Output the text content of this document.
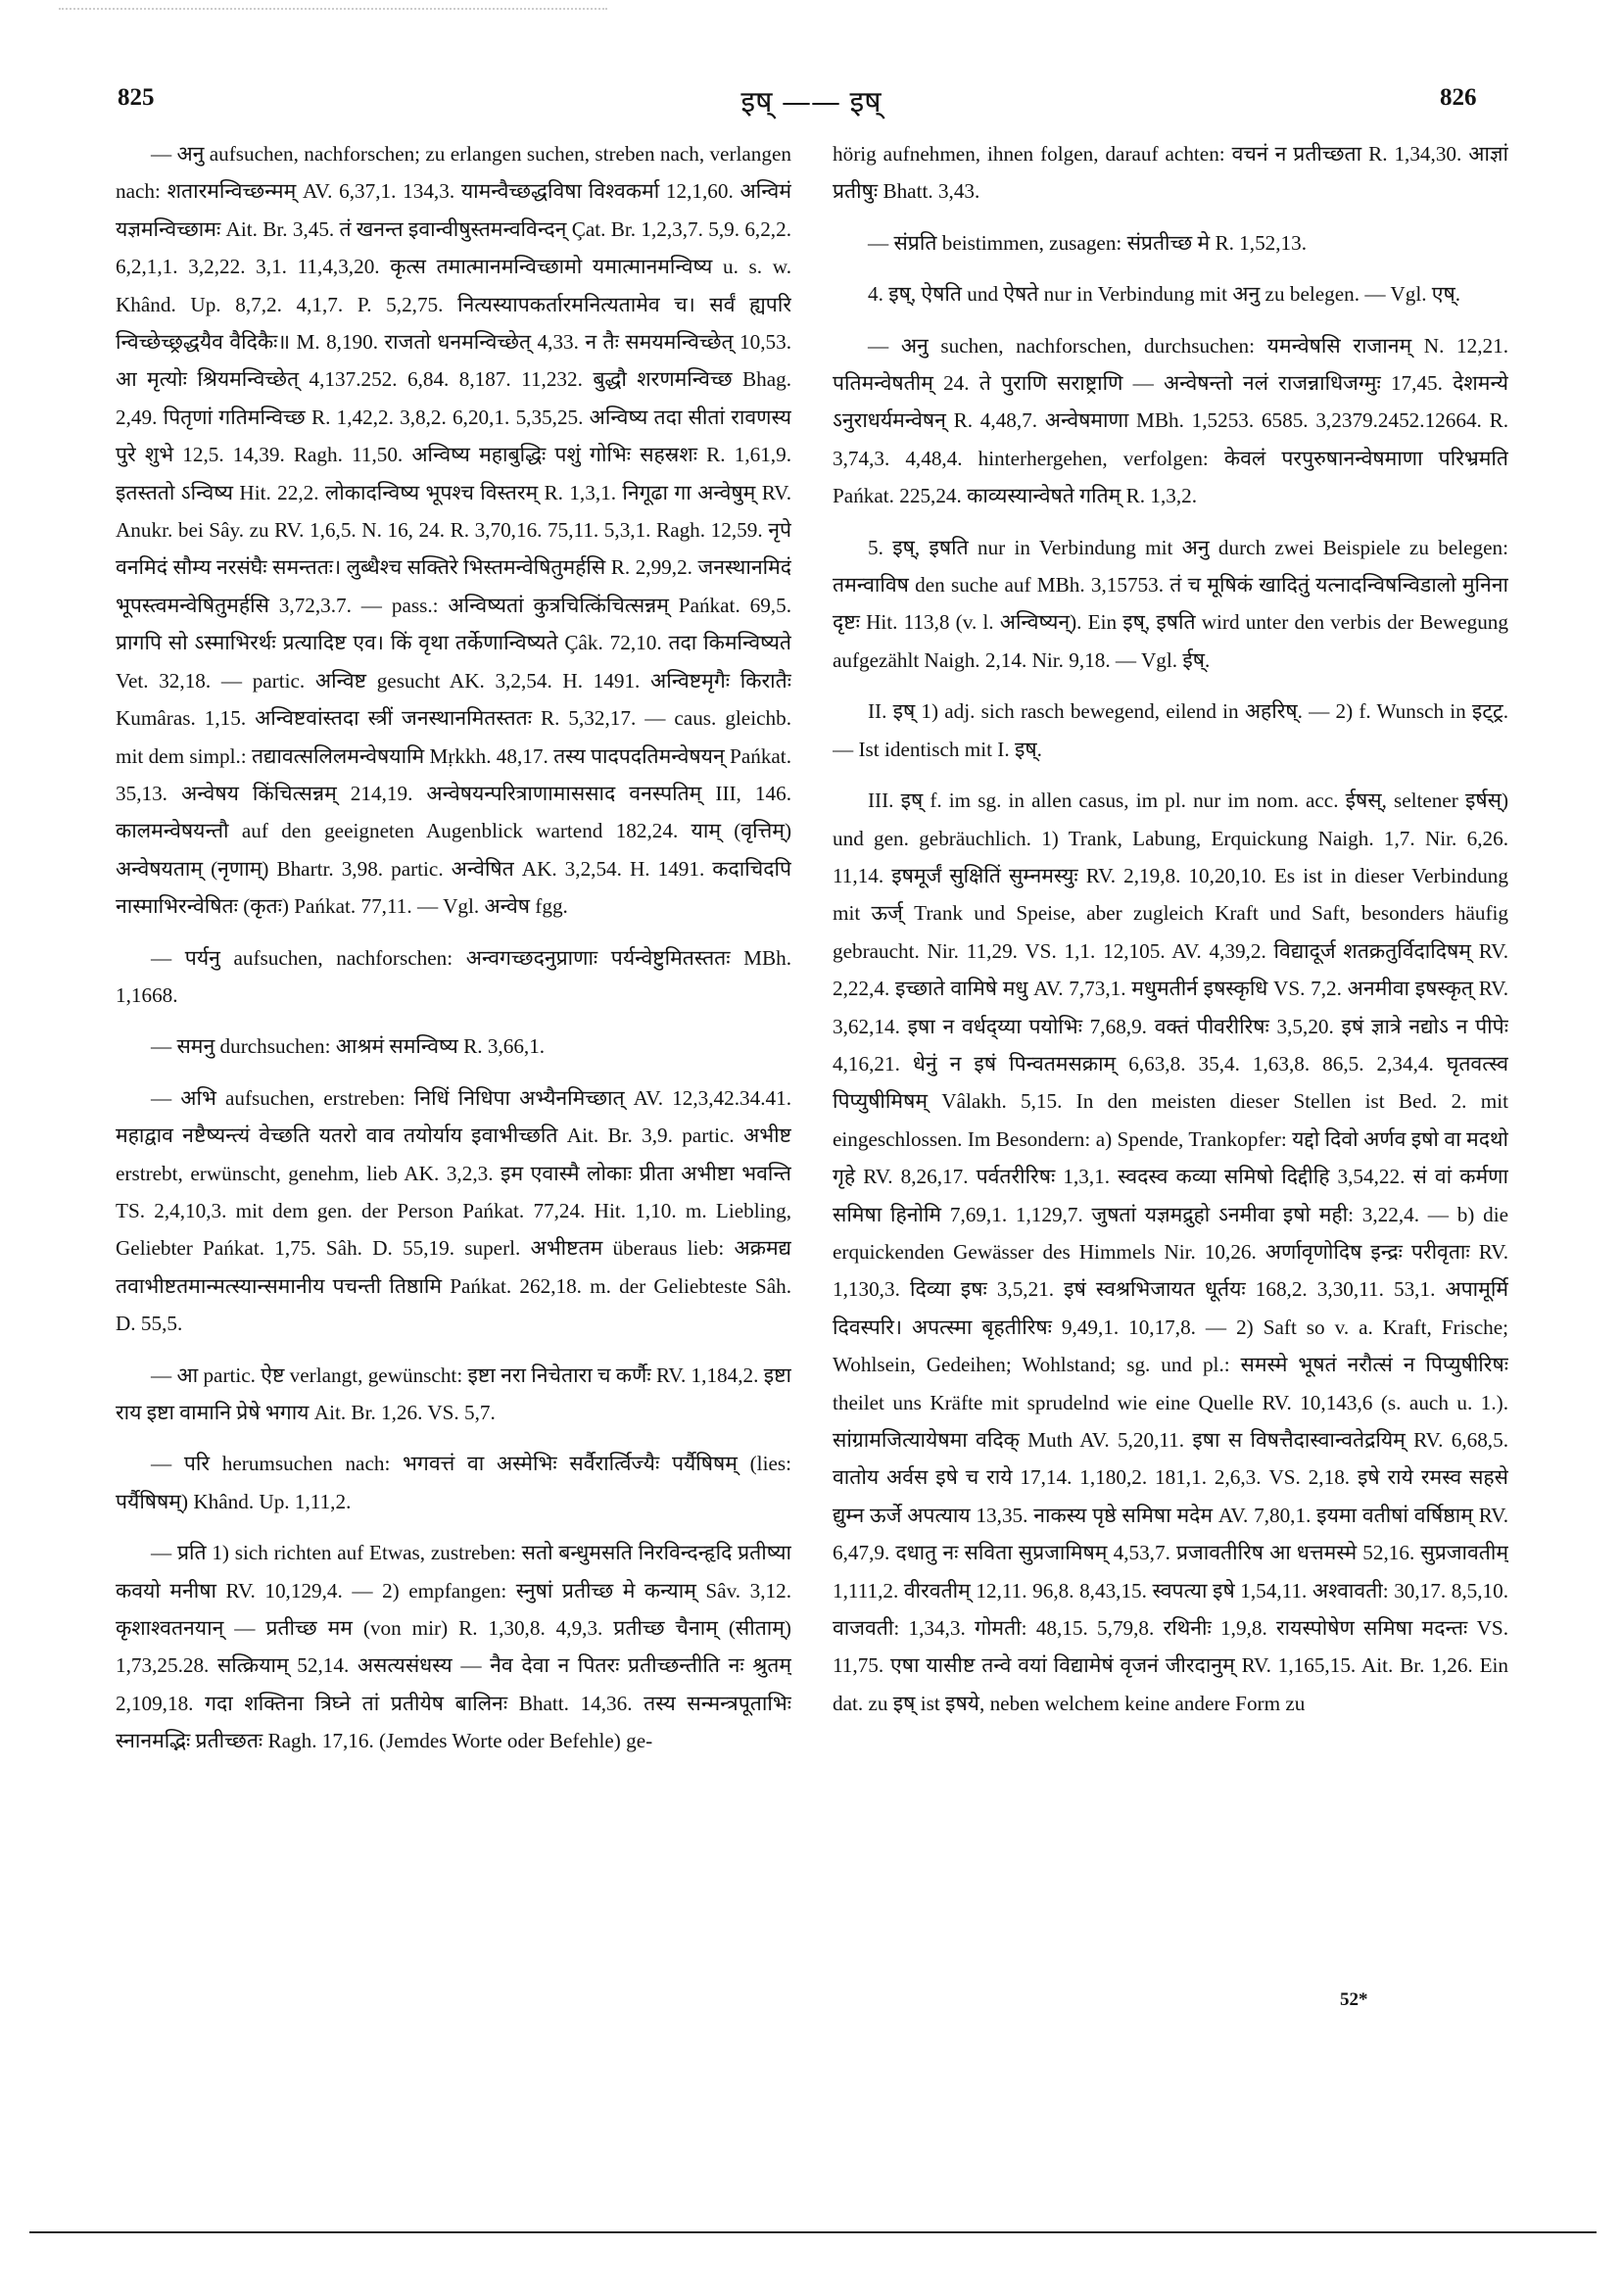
825	इष् —— इष्	826

— अनु aufsuchen, nachforschen; zu erlangen suchen, streben nach, verlangen nach: शतारमन्विच्छन्मम् AV. 6,37,1. 134,3. यामन्वैच्छद्धविषा विश्वकर्मा 12,1,60. अन्विमं यज्ञमन्विच्छामः Ait. Br. 3,45. तं खनन्त इवान्वीषुस्तमन्वविन्दन् Çat. Br. 1,2,3,7. 5,9. 6,2,2. 6,2,1,1. 3,2,22. 3,1. 11,4,3,20. कृत्स तमात्मानमन्विच्छामो यमात्मानमन्विष्य u. s. w. Khând. Up. 8,7,2. 4,1,7. P. 5,2,75. नित्यस्यापकर्तारमनित्यतामेव च। सर्वं ह्यपरि न्विच्छेच्छ्रद्धयैव वैदिकैः॥ M. 8,190. राजतो धनमन्विच्छेत् 4,33. न तैः समयमन्विच्छेत् 10,53. आ मृत्योः श्रियमन्विच्छेत् 4,137.252. 6,84. 8,187. 11,232. बुद्धौ शरणमन्विच्छ Bhag. 2,49. पितृणां गतिमन्विच्छ R. 1,42,2. 3,8,2. 6,20,1. 5,35,25. अन्विष्य तदा सीतां रावणस्य पुरे शुभे 12,5. 14,39. Ragh. 11,50. अन्विष्य महाबुद्धिः पशुं गोभिः सहस्रशः R. 1,61,9. इतस्ततो ऽन्विष्य Hit. 22,2. लोकादन्विष्य भूपश्च विस्तरम् R. 1,3,1. निगूढा गा अन्वेषुम् RV. Anukr. bei Sây. zu RV. 1,6,5. N. 16, 24. R. 3,70,16. 75,11. 5,3,1. Ragh. 12,59. नृपे वनमिदं सौम्य नरसंघैः समन्ततः। लुब्धैश्च सक्तिरे भिस्तमन्वेषितुमर्हसि R. 2,99,2. जनस्थानमिदं भूपस्त्वमन्वेषितुमर्हसि 3,72,3.7. — pass.: अन्विष्यतां कुत्रचित्किंचित्सन्नम् Pańkat. 69,5. प्रागपि सो ऽस्माभिरर्थः प्रत्यादिष्ट एव। किं वृथा तर्केणान्विष्यते Çâk. 72,10. तदा किमन्विष्यते Vet. 32,18. — partic. अन्विष्ट gesucht AK. 3,2,54. H. 1491. अन्विष्टमृगैः किरातैः Kumâras. 1,15. अन्विष्टवांस्तदा स्त्रीं जनस्थानमितस्ततः R. 5,32,17. — caus. gleichb. mit dem simpl.: तद्यावत्सलिलमन्वेषयामि Mṛkkh. 48,17. तस्य पादपदतिमन्वेषयन् Pańkat. 35,13. अन्वेषय किंचित्सन्नम् 214,19. अन्वेषयन्परित्राणामाससाद वनस्पतिम् III, 146. कालमन्वेषयन्तौ auf den geeigneten Augenblick wartend 182,24. याम् (वृत्तिम्) अन्वेषयताम् (नृणाम्) Bhartr. 3,98. partic. अन्वेषित AK. 3,2,54. H. 1491. कदाचिदपि नास्माभिरन्वेषितः (कृतः) Pańkat. 77,11. — Vgl. अन्वेष fgg.

— पर्यनु aufsuchen, nachforschen: अन्वगच्छदनुप्राणाः पर्यन्वेष्टुमितस्ततः MBh. 1,1668.

— समनु durchsuchen: आश्रमं समन्विष्य R. 3,66,1.

— अभि aufsuchen, erstreben: निधिं निधिपा अभ्यैनमिच्छात् AV. 12,3,42.34.41. महाद्वाव नष्टैष्यन्त्यं वेच्छति यतरो वाव तयोर्याय इवाभीच्छति Ait. Br. 3,9. partic. अभीष्ट erstrebt, erwünscht, genehm, lieb AK. 3,2,3. इम एवास्मै लोकाः प्रीता अभीष्टा भवन्ति TS. 2,4,10,3. mit dem gen. der Person Pańkat. 77,24. Hit. 1,10. m. Liebling, Geliebter Pańkat. 1,75. Sâh. D. 55,19. superl. अभीष्टतम überaus lieb: अक्रमद्य तवाभीष्टतमान्मत्स्यान्समानीय पचन्ती तिष्ठामि Pańkat. 262,18. m. der Geliebteste Sâh. D. 55,5.

— आ partic. ऐष्ट verlangt, gewünscht: इष्टा नरा निचेतारा च कर्णैः RV. 1,184,2. इष्टा राय इष्टा वामानि प्रेषे भगाय Ait. Br. 1,26. VS. 5,7.

— परि herumsuchen nach: भगवत्तं वा अस्मेभिः सर्वैरार्त्विज्यैः पर्यैषिषम् (lies: पर्यैषिषम्) Khând. Up. 1,11,2.

— प्रति 1) sich richten auf Etwas, zustreben: सतो बन्धुमसति निरविन्दन्हृदि प्रतीष्या कवयो मनीषा RV. 10,129,4. — 2) empfangen: स्नुषां प्रतीच्छ मे कन्याम् Sâv. 3,12. कृशाश्वतनयान् — प्रतीच्छ मम (von mir) R. 1,30,8. 4,9,3. प्रतीच्छ चैनाम् (सीताम्) 1,73,25.28. सत्क्रियाम् 52,14. असत्यसंधस्य — नैव देवा न पितरः प्रतीच्छन्तीति नः श्रुतम् 2,109,18. गदा शक्तिना त्रिघ्ने तां प्रतीयेष बालिनः Bhatt. 14,36. तस्य सन्मन्त्रपूताभिः स्नानमद्भिः प्रतीच्छतः Ragh. 17,16. (Jemdes Worte oder Befehle) ge-

hörig aufnehmen, ihnen folgen, darauf achten: वचनं न प्रतीच्छता R. 1,34,30. आज्ञां प्रतीषुः Bhatt. 3,43.

— संप्रति beistimmen, zusagen: संप्रतीच्छ मे R. 1,52,13.

4. इष्, ऐषति und ऐषते nur in Verbindung mit अनु zu belegen. — Vgl. एष्.

— अनु suchen, nachforschen, durchsuchen: यमन्वेषसि राजानम् N. 12,21. पतिमन्वेषतीम् 24. ते पुराणि सराष्ट्राणि — अन्वेषन्तो नलं राजन्नाधिजग्मुः 17,45. देशमन्ये ऽनुराधर्यमन्वेषन् R. 4,48,7. अन्वेषमाणा MBh. 1,5253. 6585. 3,2379.2452.12664. R. 3,74,3. 4,48,4. hinterhergehen, verfolgen: केवलं परपुरुषानन्वेषमाणा परिभ्रमति Pańkat. 225,24. काव्यस्यान्वेषते गतिम् R. 1,3,2.

5. इष्, इषति nur in Verbindung mit अनु durch zwei Beispiele zu belegen: तमन्वाविष den suche auf MBh. 3,15753. तं च मूषिकं खादितुं यत्नादन्विषन्विडालो मुनिना दृष्टः Hit. 113,8 (v. l. अन्विष्यन्). Ein इष्, इषति wird unter den verbis der Bewegung aufgezählt Naigh. 2,14. Nir. 9,18. — Vgl. ईष्.

II. इष् 1) adj. sich rasch bewegend, eilend in अहरिष्. — 2) f. Wunsch in इट्ट्र. — Ist identisch mit I. इष्.

III. इष् f. im sg. in allen casus, im pl. nur im nom. acc. ईषस्, seltener इर्षस्) und gen. gebräuchlich. 1) Trank, Labung, Erquickung Naigh. 1,7. Nir. 6,26. 11,14. इषमूर्जं सुक्षितिं सुम्नमस्युः RV. 2,19,8. 10,20,10. Es ist in dieser Verbindung mit ऊर्ज् Trank und Speise, aber zugleich Kraft und Saft, besonders häufig gebraucht. Nir. 11,29. VS. 1,1. 12,105. AV. 4,39,2. विद्यादूर्ज शतक्रतुर्विदादिषम् RV. 2,22,4. इच्छाते वामिषे मधु AV. 7,73,1. मधुमतीर्न इषस्कृधि VS. 7,2. अनमीवा इषस्कृत् RV. 3,62,14. इषा न वर्धद्य्या पयोभिः 7,68,9. वक्तं पीवरीरिषः 3,5,20. इषं ज्ञात्रे नद्योऽ न पीपेः 4,16,21. धेनुं न इषं पिन्वतमसक्राम् 6,63,8. 35,4. 1,63,8. 86,5. 2,34,4. घृतवत्स्व पिप्युषीमिषम् Vâlakh. 5,15. In den meisten dieser Stellen ist Bed. 2. mit eingeschlossen. Im Besondern: a) Spende, Trankopfer: यद्दो दिवो अर्णव इषो वा मदथो गृहे RV. 8,26,17. पर्वतरीरिषः 1,3,1. स्वदस्व कव्या समिषो दिद्दीहि 3,54,22. सं वां कर्मणा समिषा हिनोमि 7,69,1. 1,129,7. जुषतां यज्ञमद्रुहो ऽनमीवा इषो मही: 3,22,4. — b) die erquickenden Gewässer des Himmels Nir. 10,26. अर्णावृणोदिष इन्द्रः परीवृताः RV. 1,130,3. दिव्या इषः 3,5,21. इषं स्वश्रभिजायत धूर्तयः 168,2. 3,30,11. 53,1. अपामूर्मि दिवस्परि। अपत्स्मा बृहतीरिषः 9,49,1. 10,17,8. — 2) Saft so v. a. Kraft, Frische; Wohlsein, Gedeihen; Wohlstand; sg. und pl.: समस्मे भूषतं नरौत्सं न पिप्युषीरिषः theilet uns Kräfte mit sprudelnd wie eine Quelle RV. 10,143,6 (s. auch u. 1.). सांग्रामजित्यायेषमा वदिक् Muth AV. 5,20,11. इषा स विषत्तैदास्वान्वतेद्रयिम् RV. 6,68,5. वातोय अर्वस इषे च राये 17,14. 1,180,2. 181,1. 2,6,3. VS. 2,18. इषे राये रमस्व सहसे द्युम्न ऊर्जे अपत्याय 13,35. नाकस्य पृष्ठे समिषा मदेम AV. 7,80,1. इयमा वतीषां वर्षिष्ठाम् RV. 6,47,9. दधातु नः सविता सुप्रजामिषम् 4,53,7. प्रजावतीरिष आ धत्तमस्मे 52,16. सुप्रजावतीम् 1,111,2. वीरवतीम् 12,11. 96,8. 8,43,15. स्वपत्या इषे 1,54,11. अश्वावती: 30,17. 8,5,10. वाजवती: 1,34,3. गोमती: 48,15. 5,79,8. रथिनीः 1,9,8. रायस्पोषेण समिषा मदन्तः VS. 11,75. एषा यासीष्ट तन्वे वयां विद्यामेषं वृजनं जीरदानुम् RV. 1,165,15. Ait. Br. 1,26. Ein dat. zu इष् ist इषये, neben welchem keine andere Form zu

52*
